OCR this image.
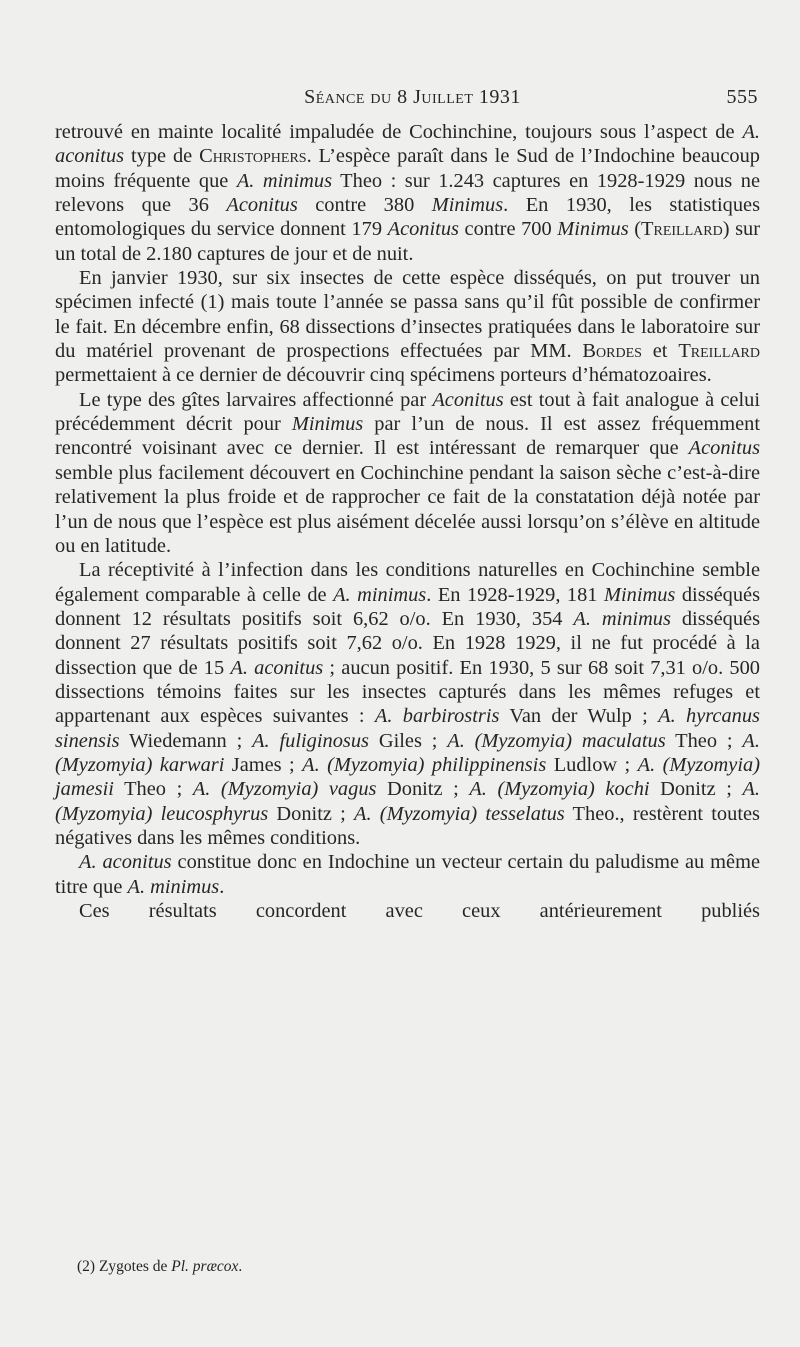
Séance du 8 Juillet 1931	555

retrouvé en mainte localité impaludée de Cochinchine, toujours sous l’aspect de A. aconitus type de Christophers. L’espèce paraît dans le Sud de l’Indochine beaucoup moins fréquente que A. minimus Theo : sur 1.243 captures en 1928-1929 nous ne relevons que 36 Aconitus contre 380 Minimus. En 1930, les statistiques entomologiques du service donnent 179 Aconitus contre 700 Minimus (Treillard) sur un total de 2.180 captures de jour et de nuit.

En janvier 1930, sur six insectes de cette espèce disséqués, on put trouver un spécimen infecté (1) mais toute l’année se passa sans qu’il fût possible de confirmer le fait. En décembre enfin, 68 dissections d’insectes pratiquées dans le laboratoire sur du matériel provenant de prospections effectuées par MM. Bordes et Treillard permettaient à ce dernier de découvrir cinq spécimens porteurs d’hématozoaires.

Le type des gîtes larvaires affectionné par Aconitus est tout à fait analogue à celui précédemment décrit pour Minimus par l’un de nous. Il est assez fréquemment rencontré voisinant avec ce dernier. Il est intéressant de remarquer que Aconitus semble plus facilement découvert en Cochinchine pendant la saison sèche c’est-à-dire relativement la plus froide et de rapprocher ce fait de la constatation déjà notée par l’un de nous que l’espèce est plus aisément décelée aussi lorsqu’on s’élève en altitude ou en latitude.

La réceptivité à l’infection dans les conditions naturelles en Cochinchine semble également comparable à celle de A. minimus. En 1928-1929, 181 Minimus disséqués donnent 12 résultats positifs soit 6,62 o/o. En 1930, 354 A. minimus disséqués donnent 27 résultats positifs soit 7,62 o/o. En 1928 1929, il ne fut procédé à la dissection que de 15 A. aconitus ; aucun positif. En 1930, 5 sur 68 soit 7,31 o/o. 500 dissections témoins faites sur les insectes capturés dans les mêmes refuges et appartenant aux espèces suivantes : A. barbirostris Van der Wulp ; A. hyrcanus sinensis Wiedemann ; A. fuliginosus Giles ; A. (Myzomyia) maculatus Theo ; A. (Myzomyia) karwari James ; A. (Myzomyia) philippinensis Ludlow ; A. (Myzomyia) jamesii Theo ; A. (Myzomyia) vagus Donitz ; A. (Myzomyia) kochi Donitz ; A. (Myzomyia) leucosphyrus Donitz ; A. (Myzomyia) tesselatus Theo., restèrent toutes négatives dans les mêmes conditions.

A. aconitus constitue donc en Indochine un vecteur certain du paludisme au même titre que A. minimus.

Ces résultats concordent avec ceux antérieurement publiés

(2) Zygotes de Pl. præcox.
